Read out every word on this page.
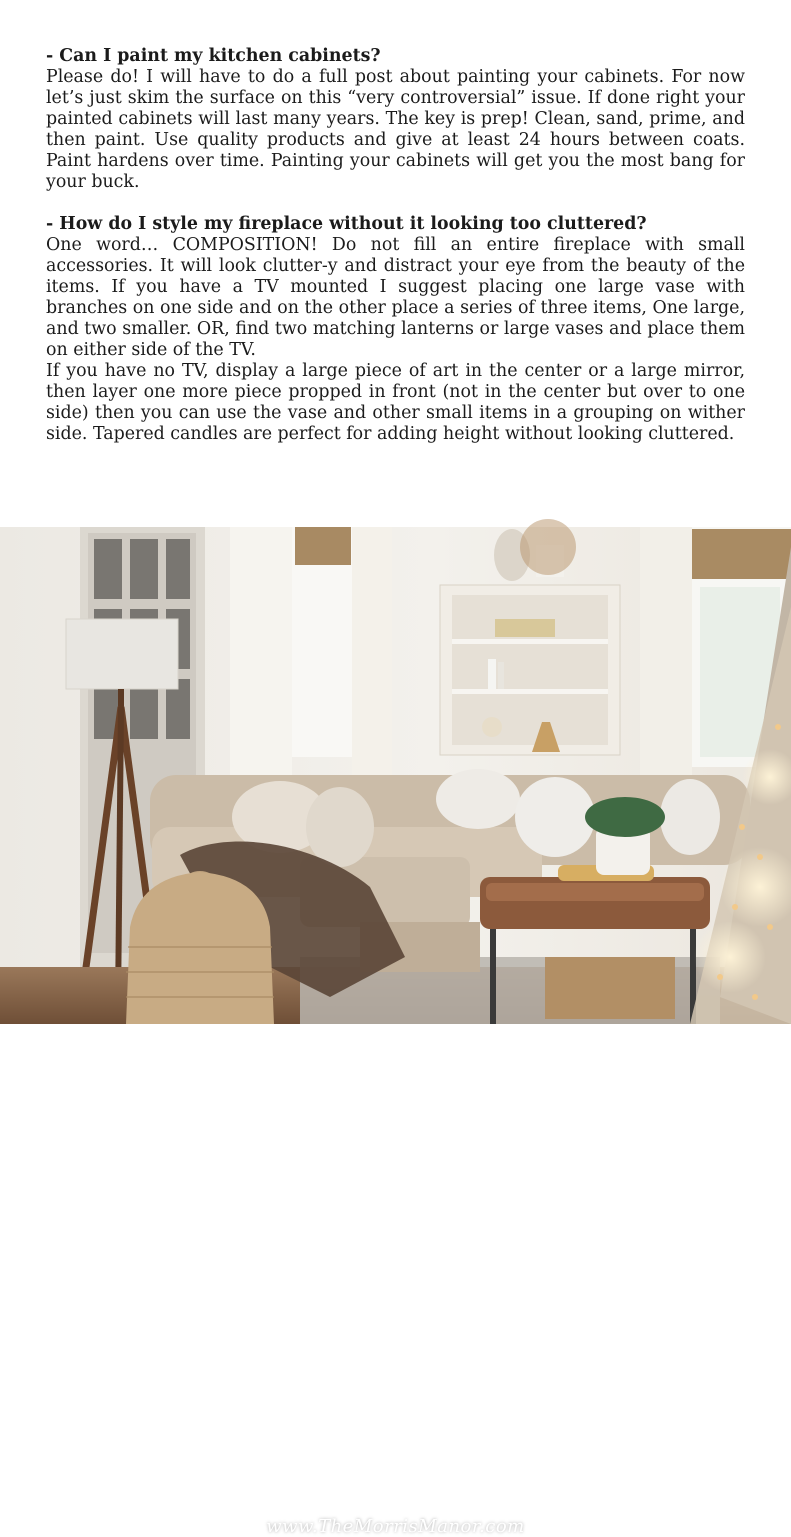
- Can I paint my kitchen cabinets?

Please do! I will have to do a full post about painting your cabinets. For now let’s just skim the surface on this “very controversial” issue. If done right your painted cabinets will last many years. The key is prep! Clean, sand, prime, and then paint. Use quality products and give at least 24 hours between coats. Paint hardens over time. Painting your cabinets will get you the most bang for your buck.

- How do I style my fireplace without it looking too cluttered?

One word… COMPOSITION! Do not fill an entire fireplace with small accessories. It will look clutter-y and distract your eye from the beauty of the items. If you have a TV mounted I suggest placing one large vase with branches on one side and on the other place a series of three items, One large, and two smaller. OR, find two matching lanterns or large vases and place them on either side of the TV.

If you have no TV, display a large piece of art in the center or a large mirror, then layer one more piece propped in front (not in the center but over to one side) then you can use the vase and other small items in a grouping on wither side. Tapered candles are perfect for adding height without looking cluttered.

www.TheMorrisManor.com
